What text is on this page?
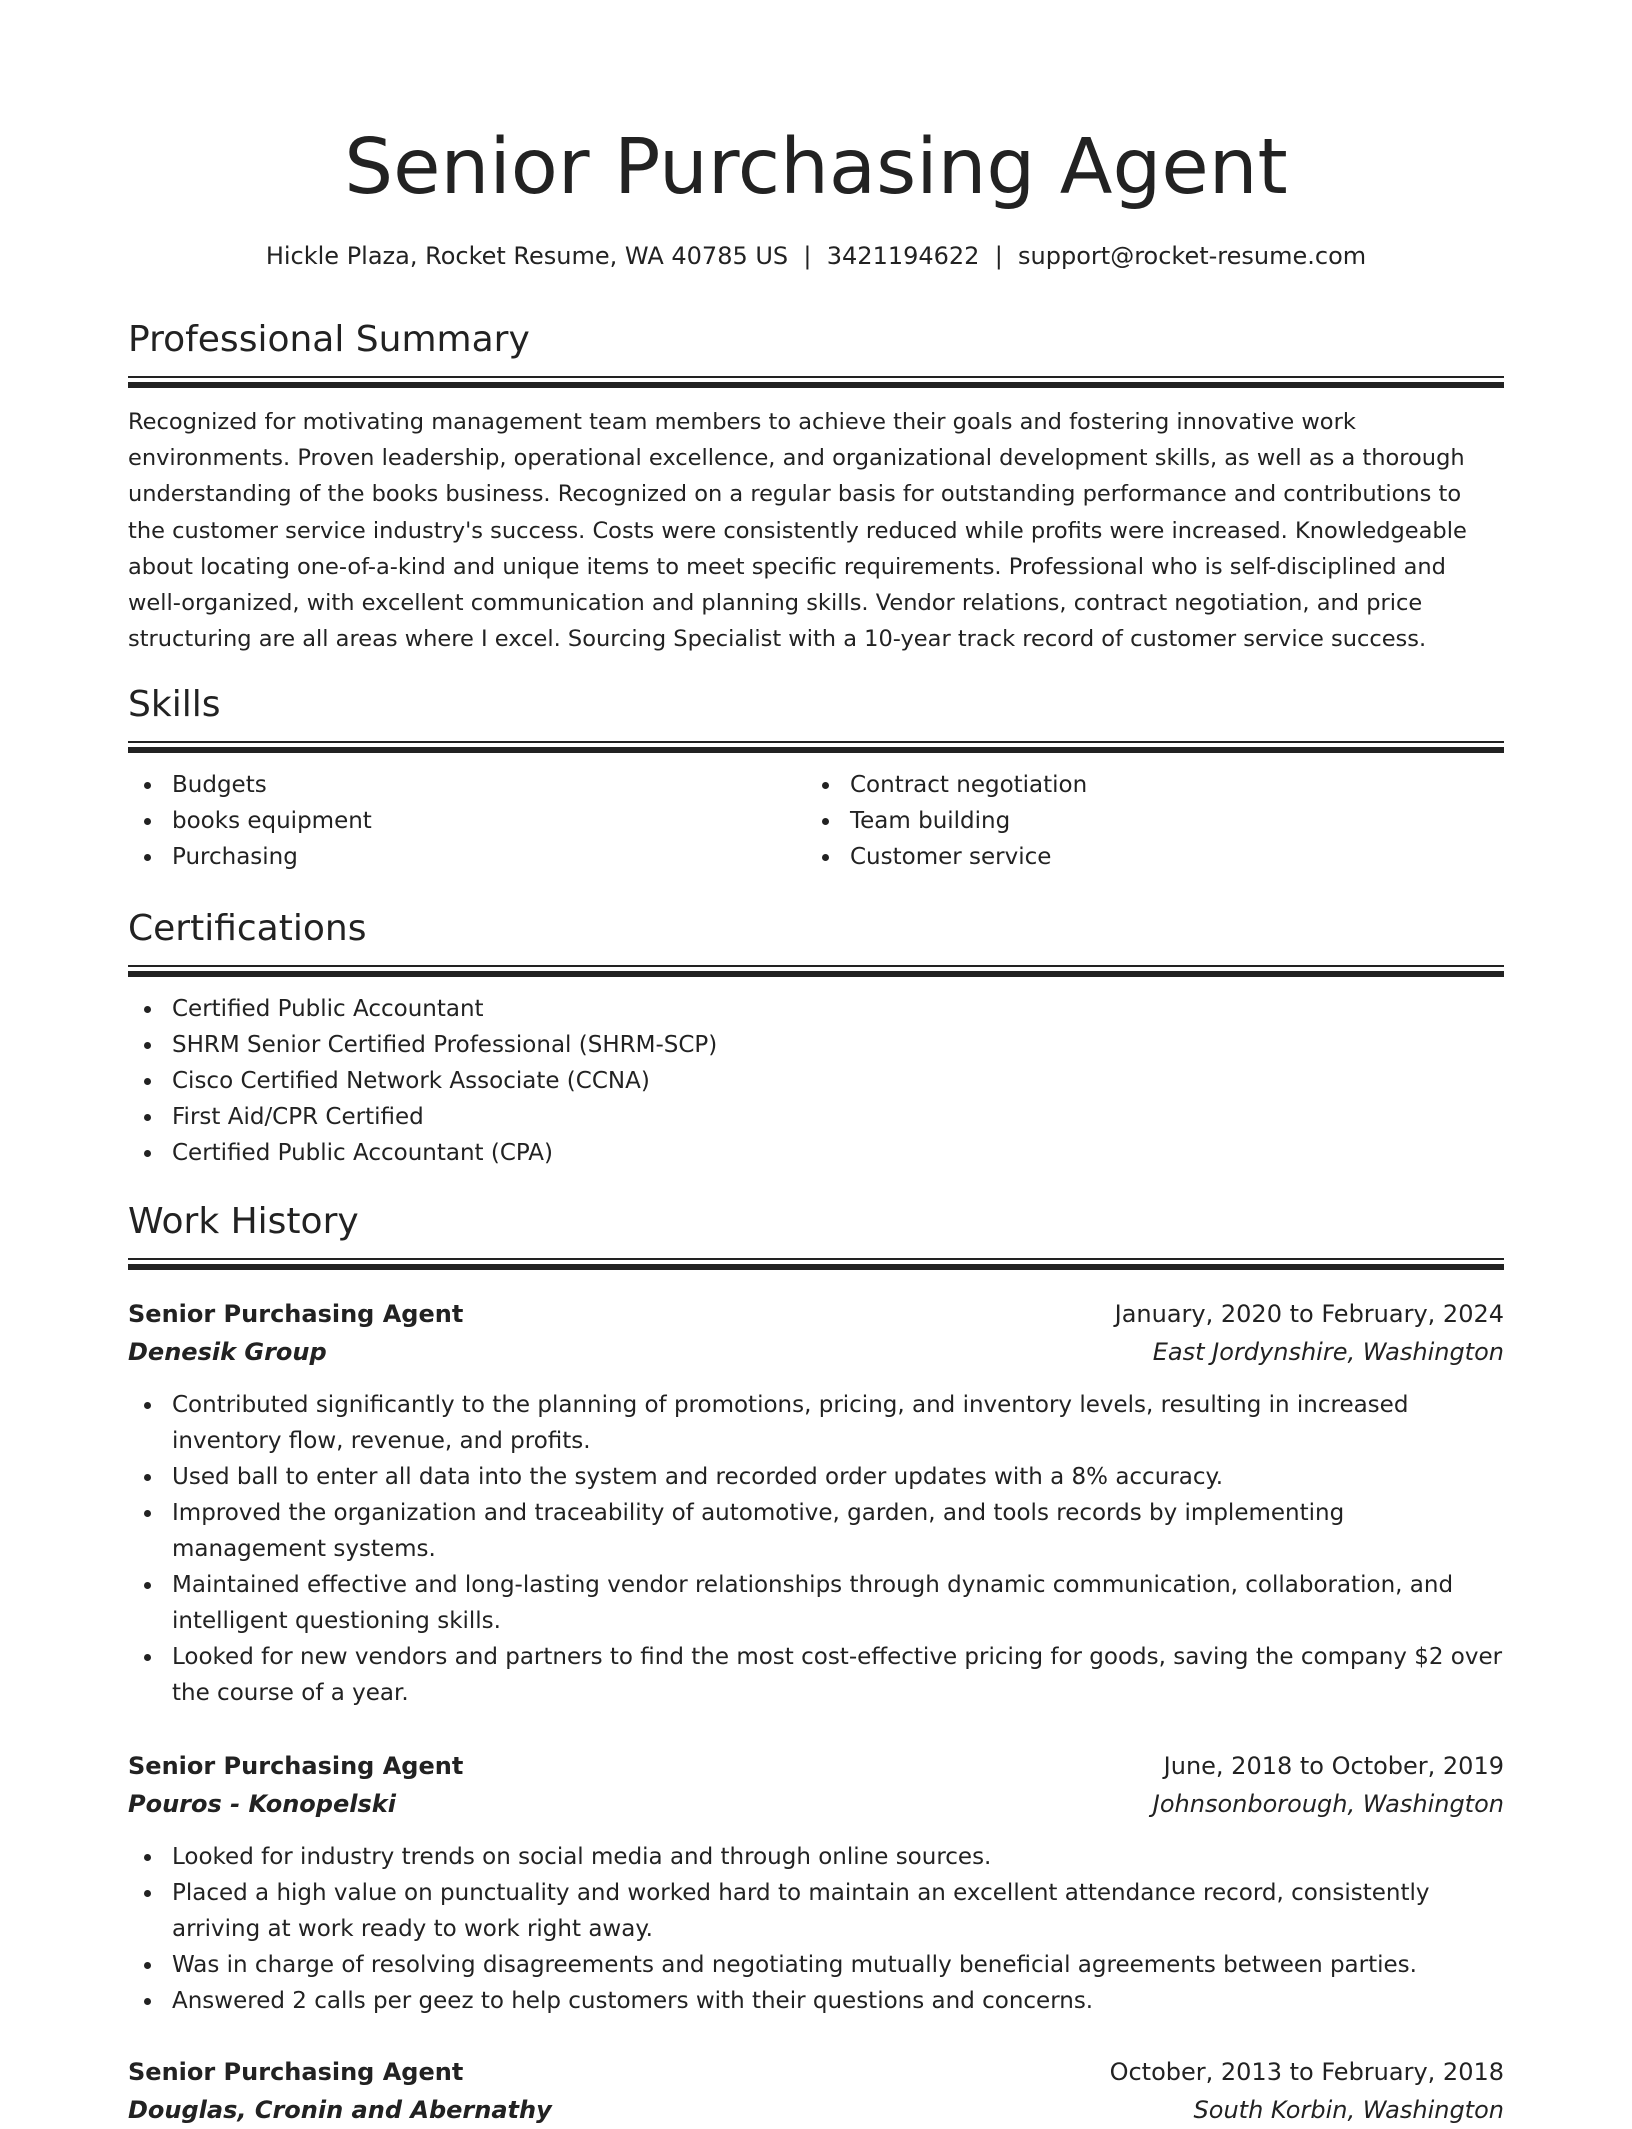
Senior Purchasing Agent
Hickle Plaza, Rocket Resume, WA 40785 US  |  3421194622  |  support@rocket-resume.com
Professional Summary
Recognized for motivating management team members to achieve their goals and fostering innovative work environments. Proven leadership, operational excellence, and organizational development skills, as well as a thorough understanding of the books business. Recognized on a regular basis for outstanding performance and contributions to the customer service industry's success. Costs were consistently reduced while profits were increased. Knowledgeable about locating one-of-a-kind and unique items to meet specific requirements. Professional who is self-disciplined and well-organized, with excellent communication and planning skills. Vendor relations, contract negotiation, and price structuring are all areas where I excel. Sourcing Specialist with a 10-year track record of customer service success.
Skills
Budgets
books equipment
Purchasing
Contract negotiation
Team building
Customer service
Certifications
Certified Public Accountant
SHRM Senior Certified Professional (SHRM-SCP)
Cisco Certified Network Associate (CCNA)
First Aid/CPR Certified
Certified Public Accountant (CPA)
Work History
Senior Purchasing Agent	January, 2020 to February, 2024
Denesik Group	East Jordynshire, Washington
Contributed significantly to the planning of promotions, pricing, and inventory levels, resulting in increased inventory flow, revenue, and profits.
Used ball to enter all data into the system and recorded order updates with a 8% accuracy.
Improved the organization and traceability of automotive, garden, and tools records by implementing management systems.
Maintained effective and long-lasting vendor relationships through dynamic communication, collaboration, and intelligent questioning skills.
Looked for new vendors and partners to find the most cost-effective pricing for goods, saving the company $2 over the course of a year.
Senior Purchasing Agent	June, 2018 to October, 2019
Pouros - Konopelski	Johnsonborough, Washington
Looked for industry trends on social media and through online sources.
Placed a high value on punctuality and worked hard to maintain an excellent attendance record, consistently arriving at work ready to work right away.
Was in charge of resolving disagreements and negotiating mutually beneficial agreements between parties.
Answered 2 calls per geez to help customers with their questions and concerns.
Senior Purchasing Agent	October, 2013 to February, 2018
Douglas, Cronin and Abernathy	South Korbin, Washington
